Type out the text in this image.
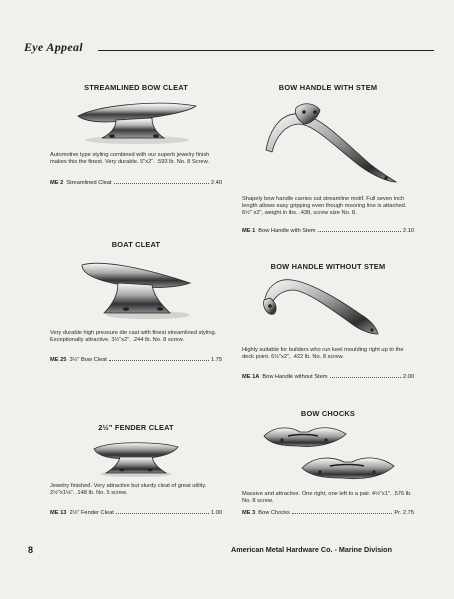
Eye Appeal
STREAMLINED BOW CLEAT
Automotive type styling combined with our superb jewelry finish makes this the finest. Very durable. 5"x2". .593 lb. No. 8 Screw.
ME 2 Streamlined Cleat	2.40
BOAT CLEAT
Very durable high pressure die cast with finest streamlined styling. Exceptionally attractive. 3½"x2". .244 lb. No. 8 screw.
ME 25 3½" Bow Cleat	1.75
2½" FENDER CLEAT
Jewelry finished. Very attractive but sturdy cleat of great utility. 2½"x1⅛". .148 lb. No. 5 screw.
ME 13 2½" Fender Cleat	1.00
BOW HANDLE WITH STEM
Shapely bow handle carries out streamline motif. Full seven inch length allows easy gripping even though mooring line is attached. 6½" x2", weight in lbs. .438, screw size No. 8.
ME 1 Bow Handle with Stem	2.10
BOW HANDLE WITHOUT STEM
Highly suitable for builders who run keel moulding right up to the deck point. 6½"x2", .422 lb. No. 8 screw.
ME 1A Bow Handle without Stem	2.00
BOW CHOCKS
Massive and attractive. One right, one left to a pair. 4½"x1". .576 lb. No. 8 screw.
ME 3 Bow Chocks	Pr. 2.75
8	American Metal Hardware Co. - Marine Division
